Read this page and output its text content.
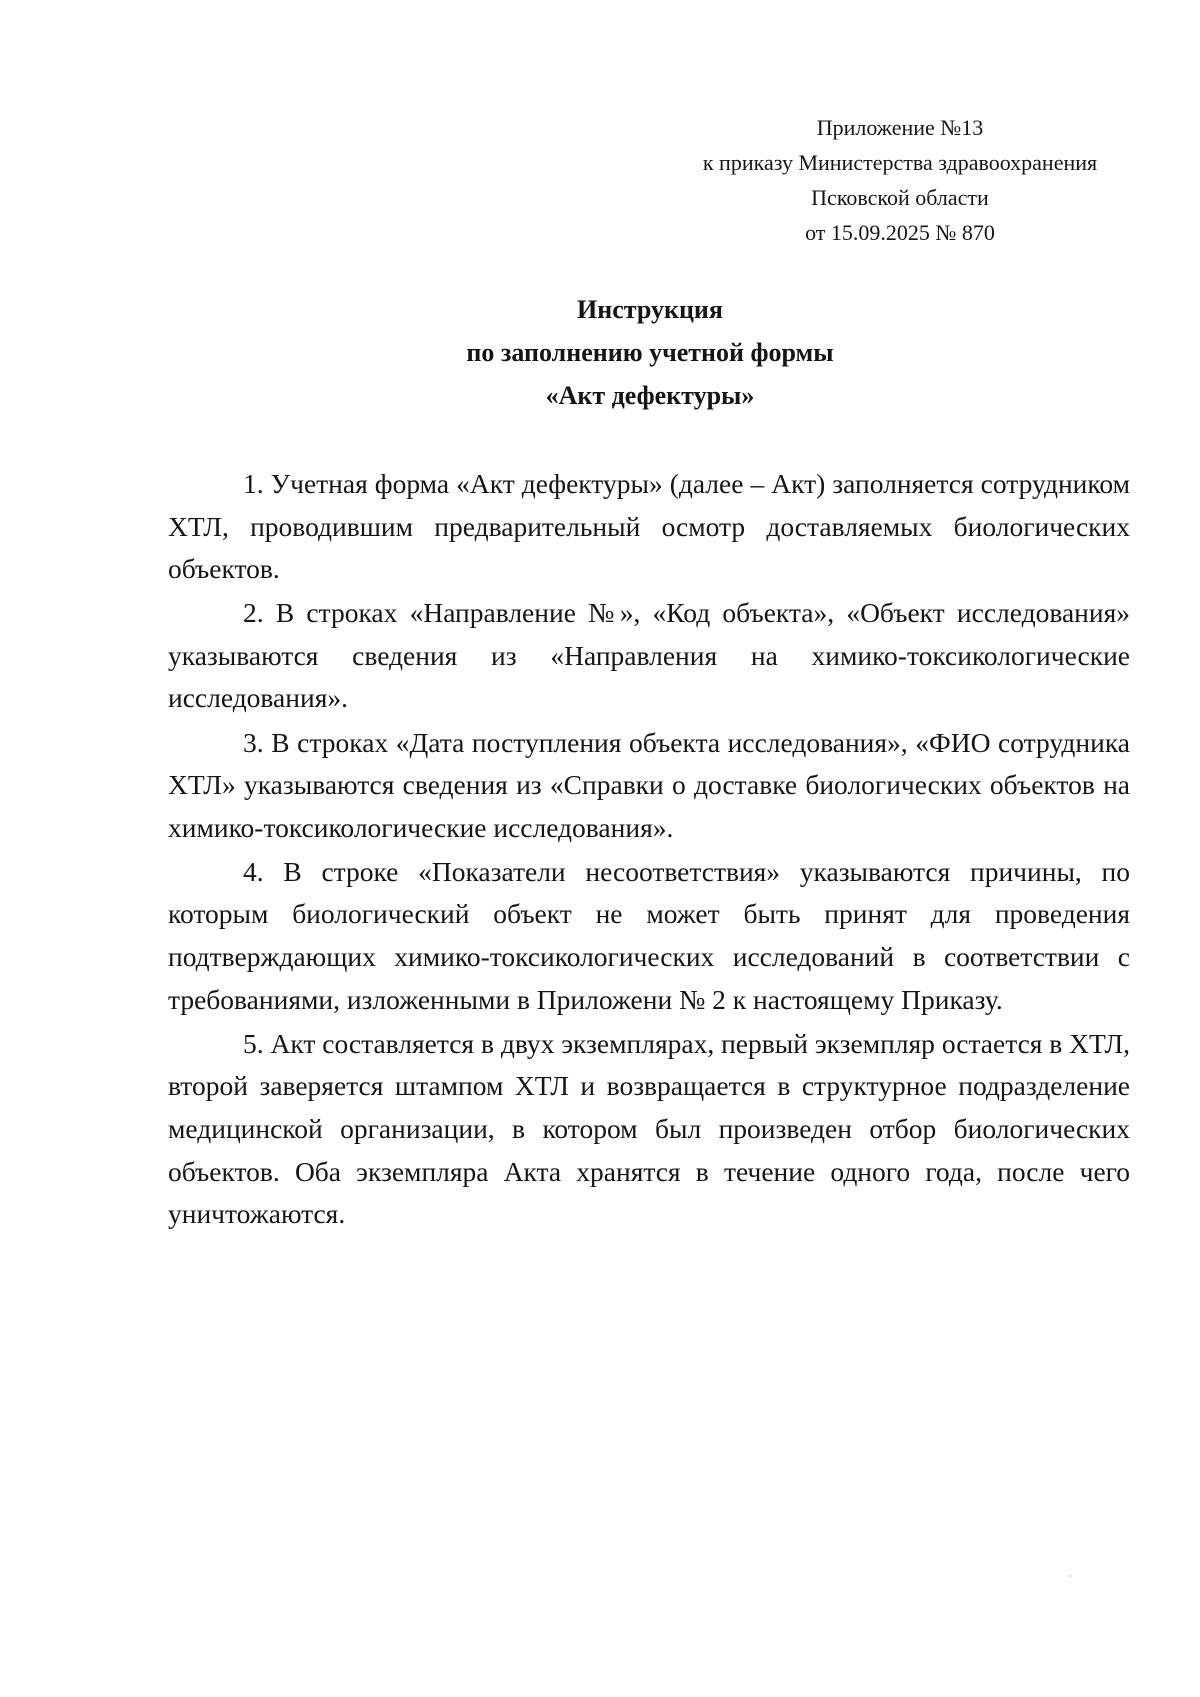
Приложение №13
к приказу Министерства здравоохранения
Псковской области
от 15.09.2025 № 870
Инструкция
по заполнению учетной формы
«Акт дефектуры»

1. Учетная форма «Акт дефектуры» (далее – Акт) заполняется сотрудником ХТЛ, проводившим предварительный осмотр доставляемых биологических объектов.

2. В строках «Направление №», «Код объекта», «Объект исследования» указываются сведения из «Направления на химико-токсикологические исследования».

3. В строках «Дата поступления объекта исследования», «ФИО сотрудника ХТЛ» указываются сведения из «Справки о доставке биологических объектов на химико-токсикологические исследования».

4. В строке «Показатели несоответствия» указываются причины, по которым биологический объект не может быть принят для проведения подтверждающих химико-токсикологических исследований в соответствии с требованиями, изложенными в Приложени № 2 к настоящему Приказу.

5. Акт составляется в двух экземплярах, первый экземпляр остается в ХТЛ, второй заверяется штампом ХТЛ и возвращается в структурное подразделение медицинской организации, в котором был произведен отбор биологических объектов. Оба экземпляра Акта хранятся в течение одного года, после чего уничтожаются.
